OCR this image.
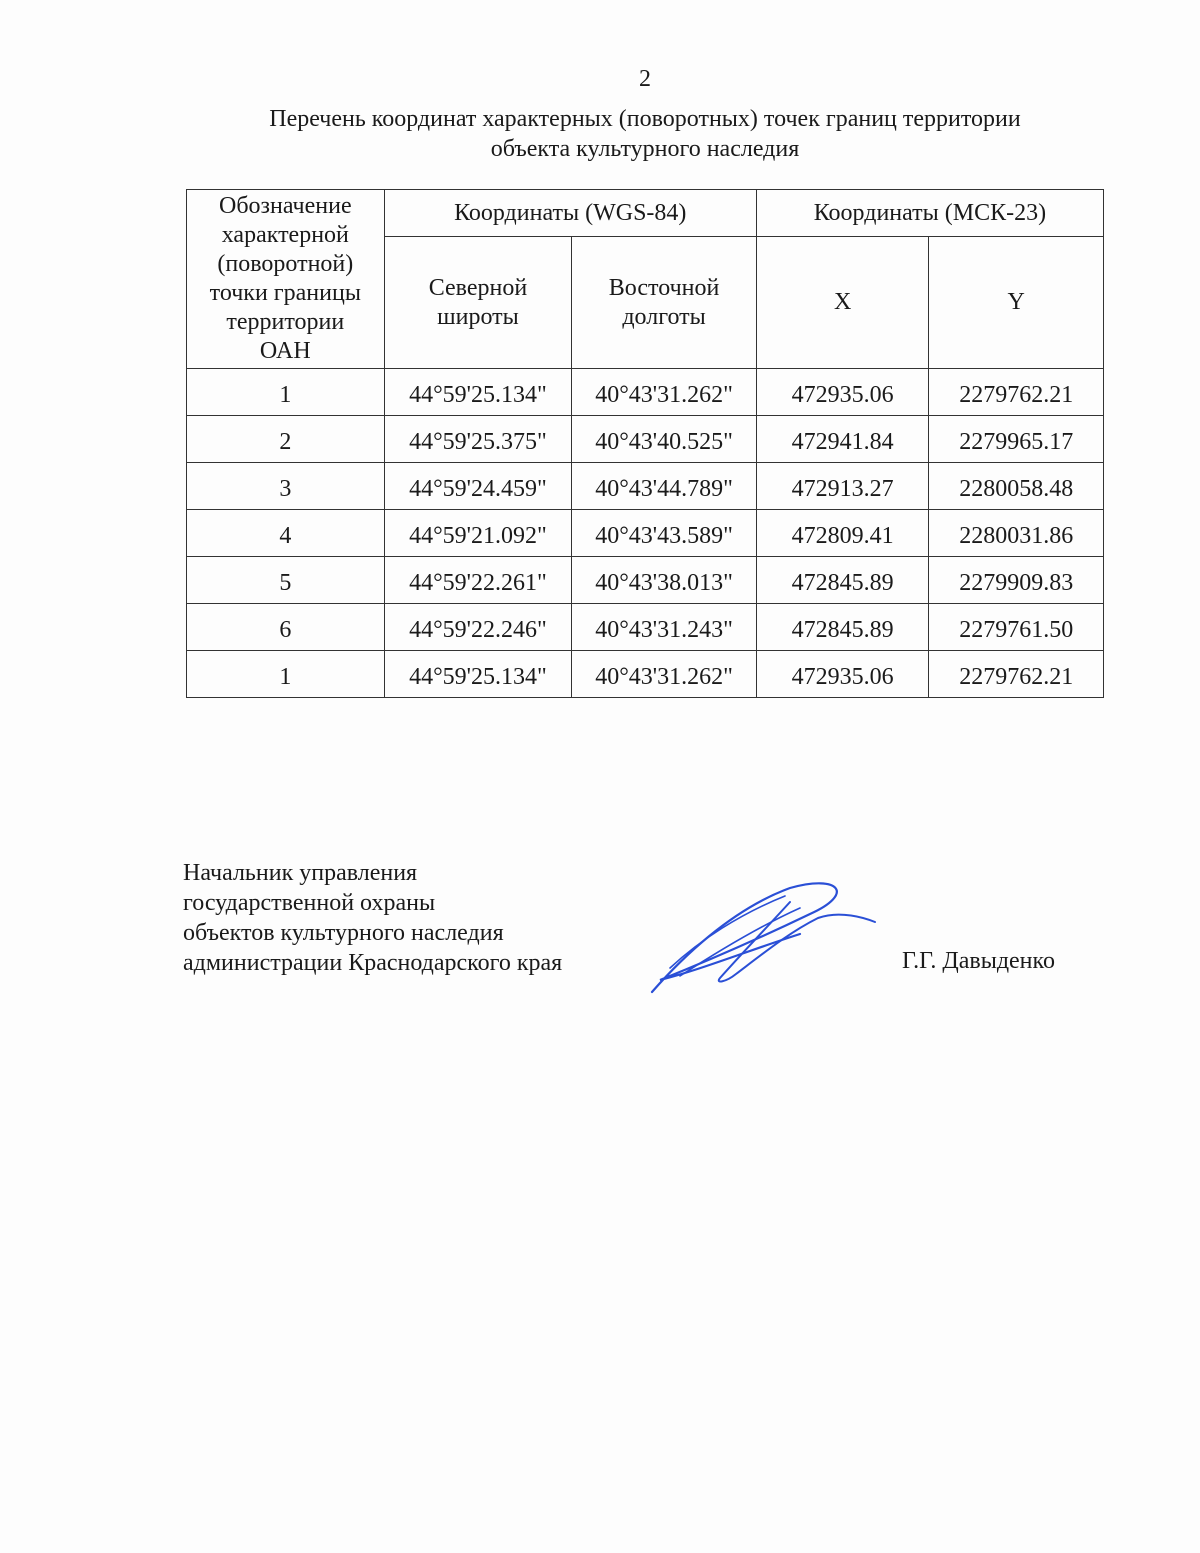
2
Перечень координат характерных (поворотных) точек границ территории
объекта культурного наследия
Обозначение характерной (поворотной) точки границы территории ОАН	Координаты (WGS-84)		Координаты (МСК-23)	
	Северной широты	Восточной долготы	X	Y
1	44°59'25.134"	40°43'31.262"	472935.06	2279762.21
2	44°59'25.375"	40°43'40.525"	472941.84	2279965.17
3	44°59'24.459"	40°43'44.789"	472913.27	2280058.48
4	44°59'21.092"	40°43'43.589"	472809.41	2280031.86
5	44°59'22.261"	40°43'38.013"	472845.89	2279909.83
6	44°59'22.246"	40°43'31.243"	472845.89	2279761.50
1	44°59'25.134"	40°43'31.262"	472935.06	2279762.21
Начальник управления
государственной охраны
объектов культурного наследия
администрации Краснодарского края	Г.Г. Давыденко
